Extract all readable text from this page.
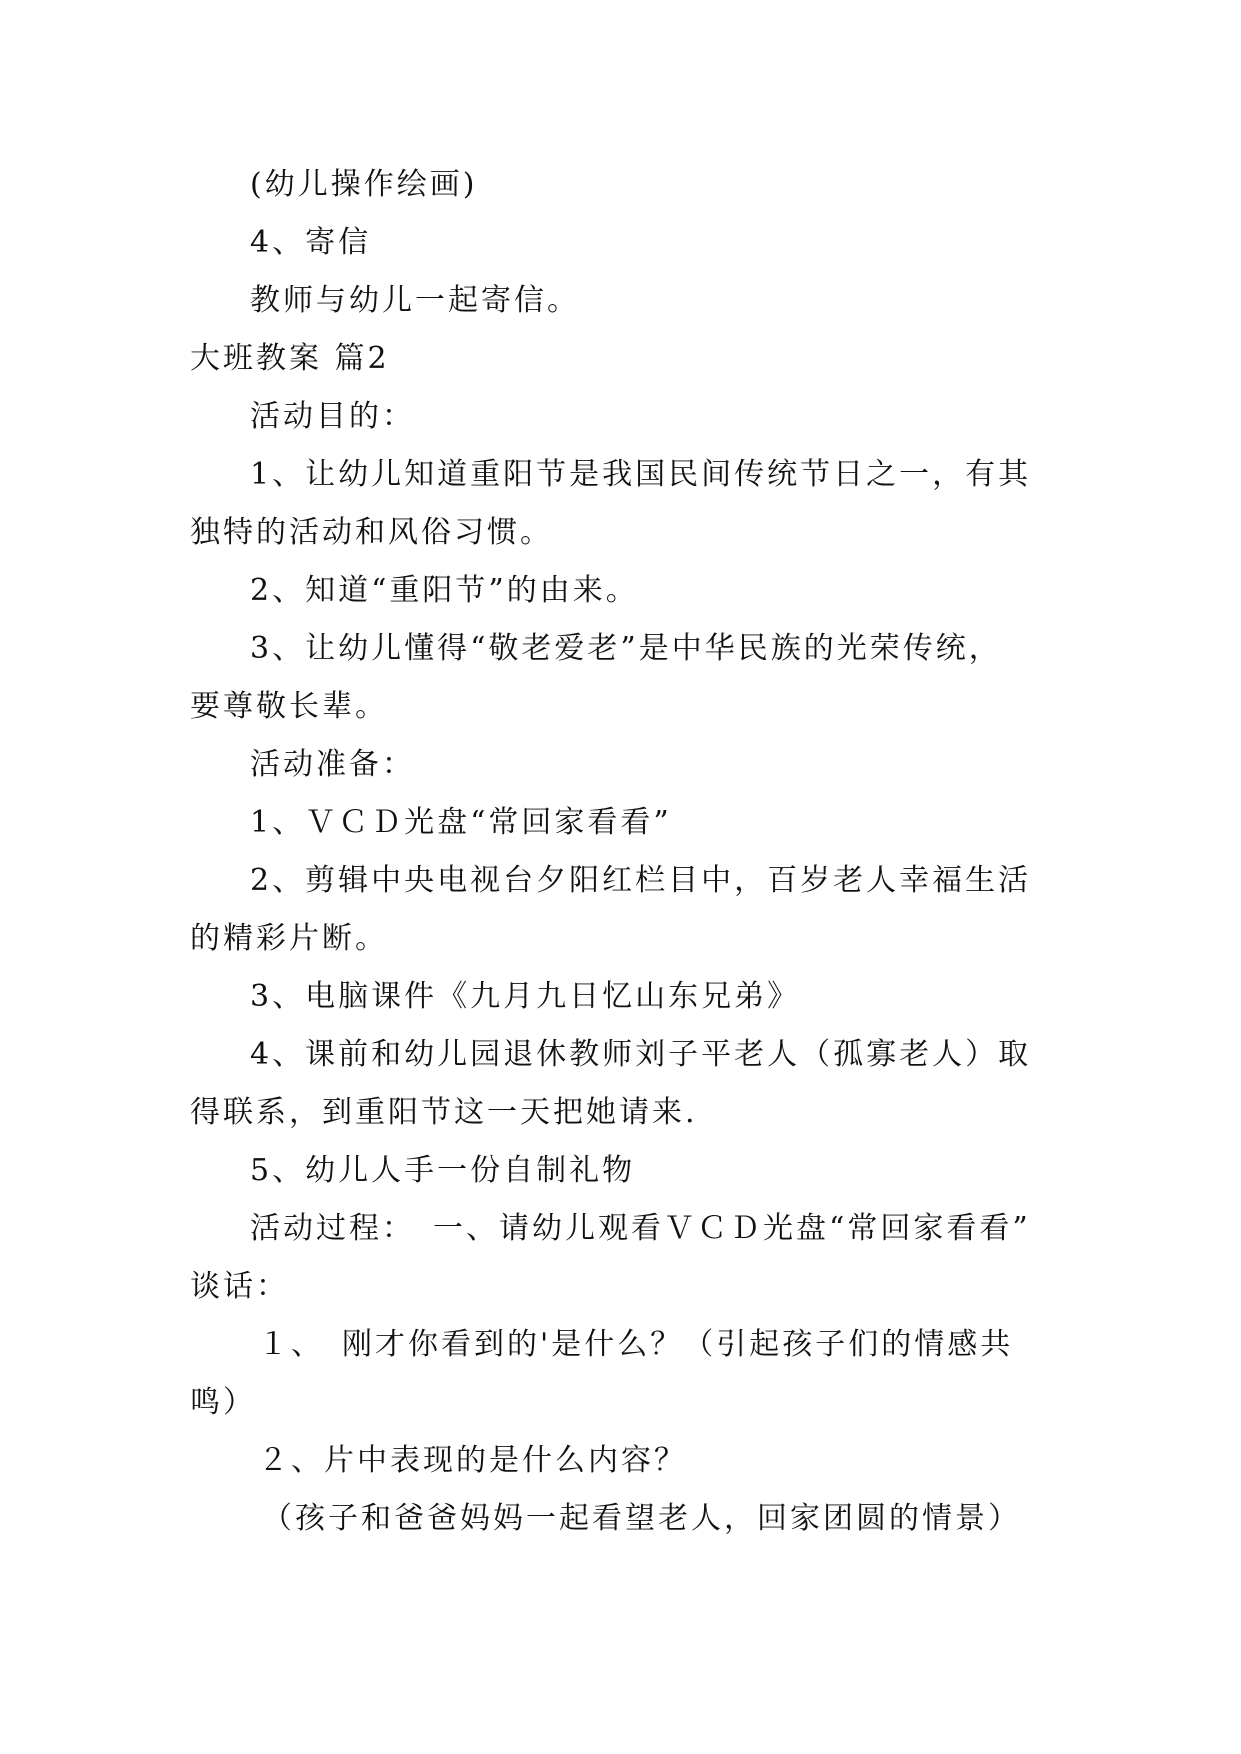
(幼儿操作绘画)
4、寄信
教师与幼儿一起寄信。
大班教案 篇2
活动目的：
1、让幼儿知道重阳节是我国民间传统节日之一，有其
独特的活动和风俗习惯。
2、知道“重阳节”的由来。
3、让幼儿懂得“敬老爱老”是中华民族的光荣传统，
要尊敬长辈。
活动准备：
1、ＶＣＤ光盘“常回家看看”
2、剪辑中央电视台夕阳红栏目中，百岁老人幸福生活
的精彩片断。
3、电脑课件《九月九日忆山东兄弟》
4、课前和幼儿园退休教师刘子平老人（孤寡老人）取
得联系，到重阳节这一天把她请来.
5、幼儿人手一份自制礼物
活动过程：　一、请幼儿观看ＶＣＤ光盘“常回家看看”
谈话：
１、　刚才你看到的'是什么？（引起孩子们的情感共
鸣）
２、片中表现的是什么内容？
（孩子和爸爸妈妈一起看望老人，回家团圆的情景）
